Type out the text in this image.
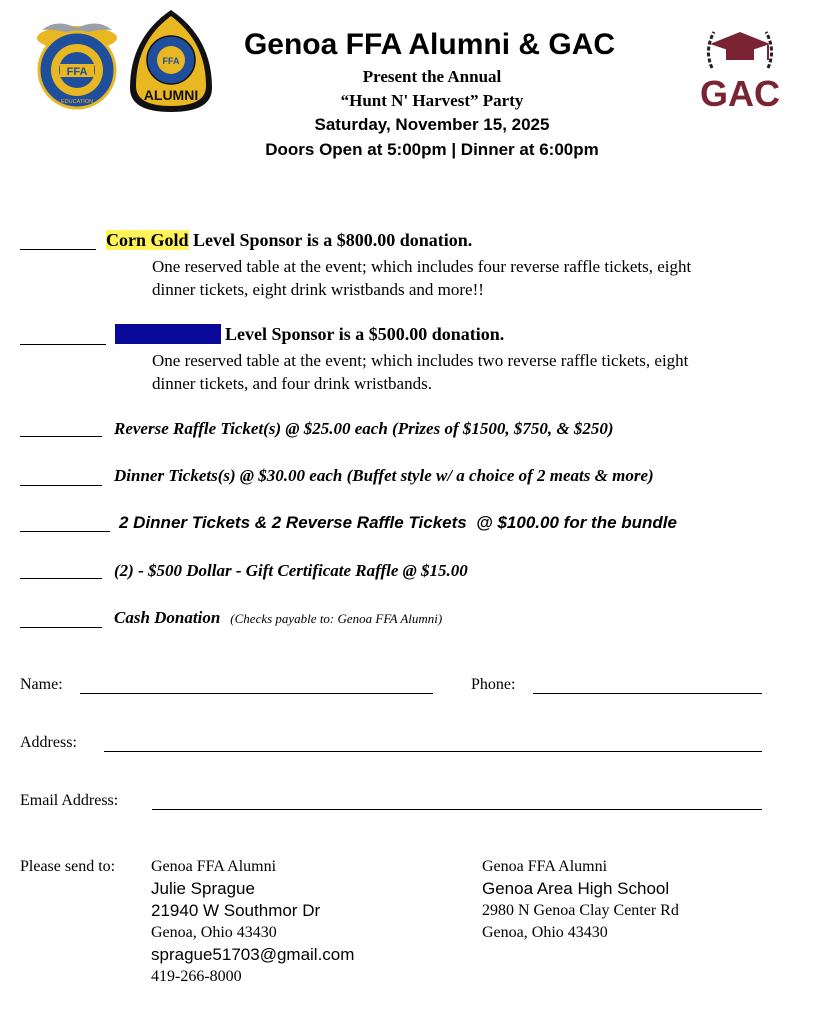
FFA
AGRICULTURE
EDUCATION
FFA
ALUMNI	GAC
Genoa FFA Alumni & GAC
Present the Annual
“Hunt N' Harvest” Party
Saturday, November 15, 2025
Doors Open at 5:00pm | Dinner at 6:00pm
Corn Gold Level Sponsor is a $800.00 donation.
One reserved table at the event; which includes four reverse raffle tickets, eight
dinner tickets, eight drink wristbands and more!!
National Blue Level Sponsor is a $500.00 donation.
One reserved table at the event; which includes two reverse raffle tickets, eight
dinner tickets, and four drink wristbands.
Reverse Raffle Ticket(s) @ $25.00 each (Prizes of $1500, $750, & $250)
Dinner Tickets(s) @ $30.00 each (Buffet style w/ a choice of 2 meats & more)
2 Dinner Tickets & 2 Reverse Raffle Tickets  @ $100.00 for the bundle
(2) - $500 Dollar - Gift Certificate Raffle @ $15.00
Cash Donation (Checks payable to: Genoa FFA Alumni)
Name:	Phone:
Address:
Email Address:
Please send to: Genoa FFA Alumni
Julie Sprague
21940 W Southmor Dr
Genoa, Ohio 43430
sprague51703@gmail.com
419-266-8000
Genoa FFA Alumni
Genoa Area High School
2980 N Genoa Clay Center Rd
Genoa, Ohio 43430
